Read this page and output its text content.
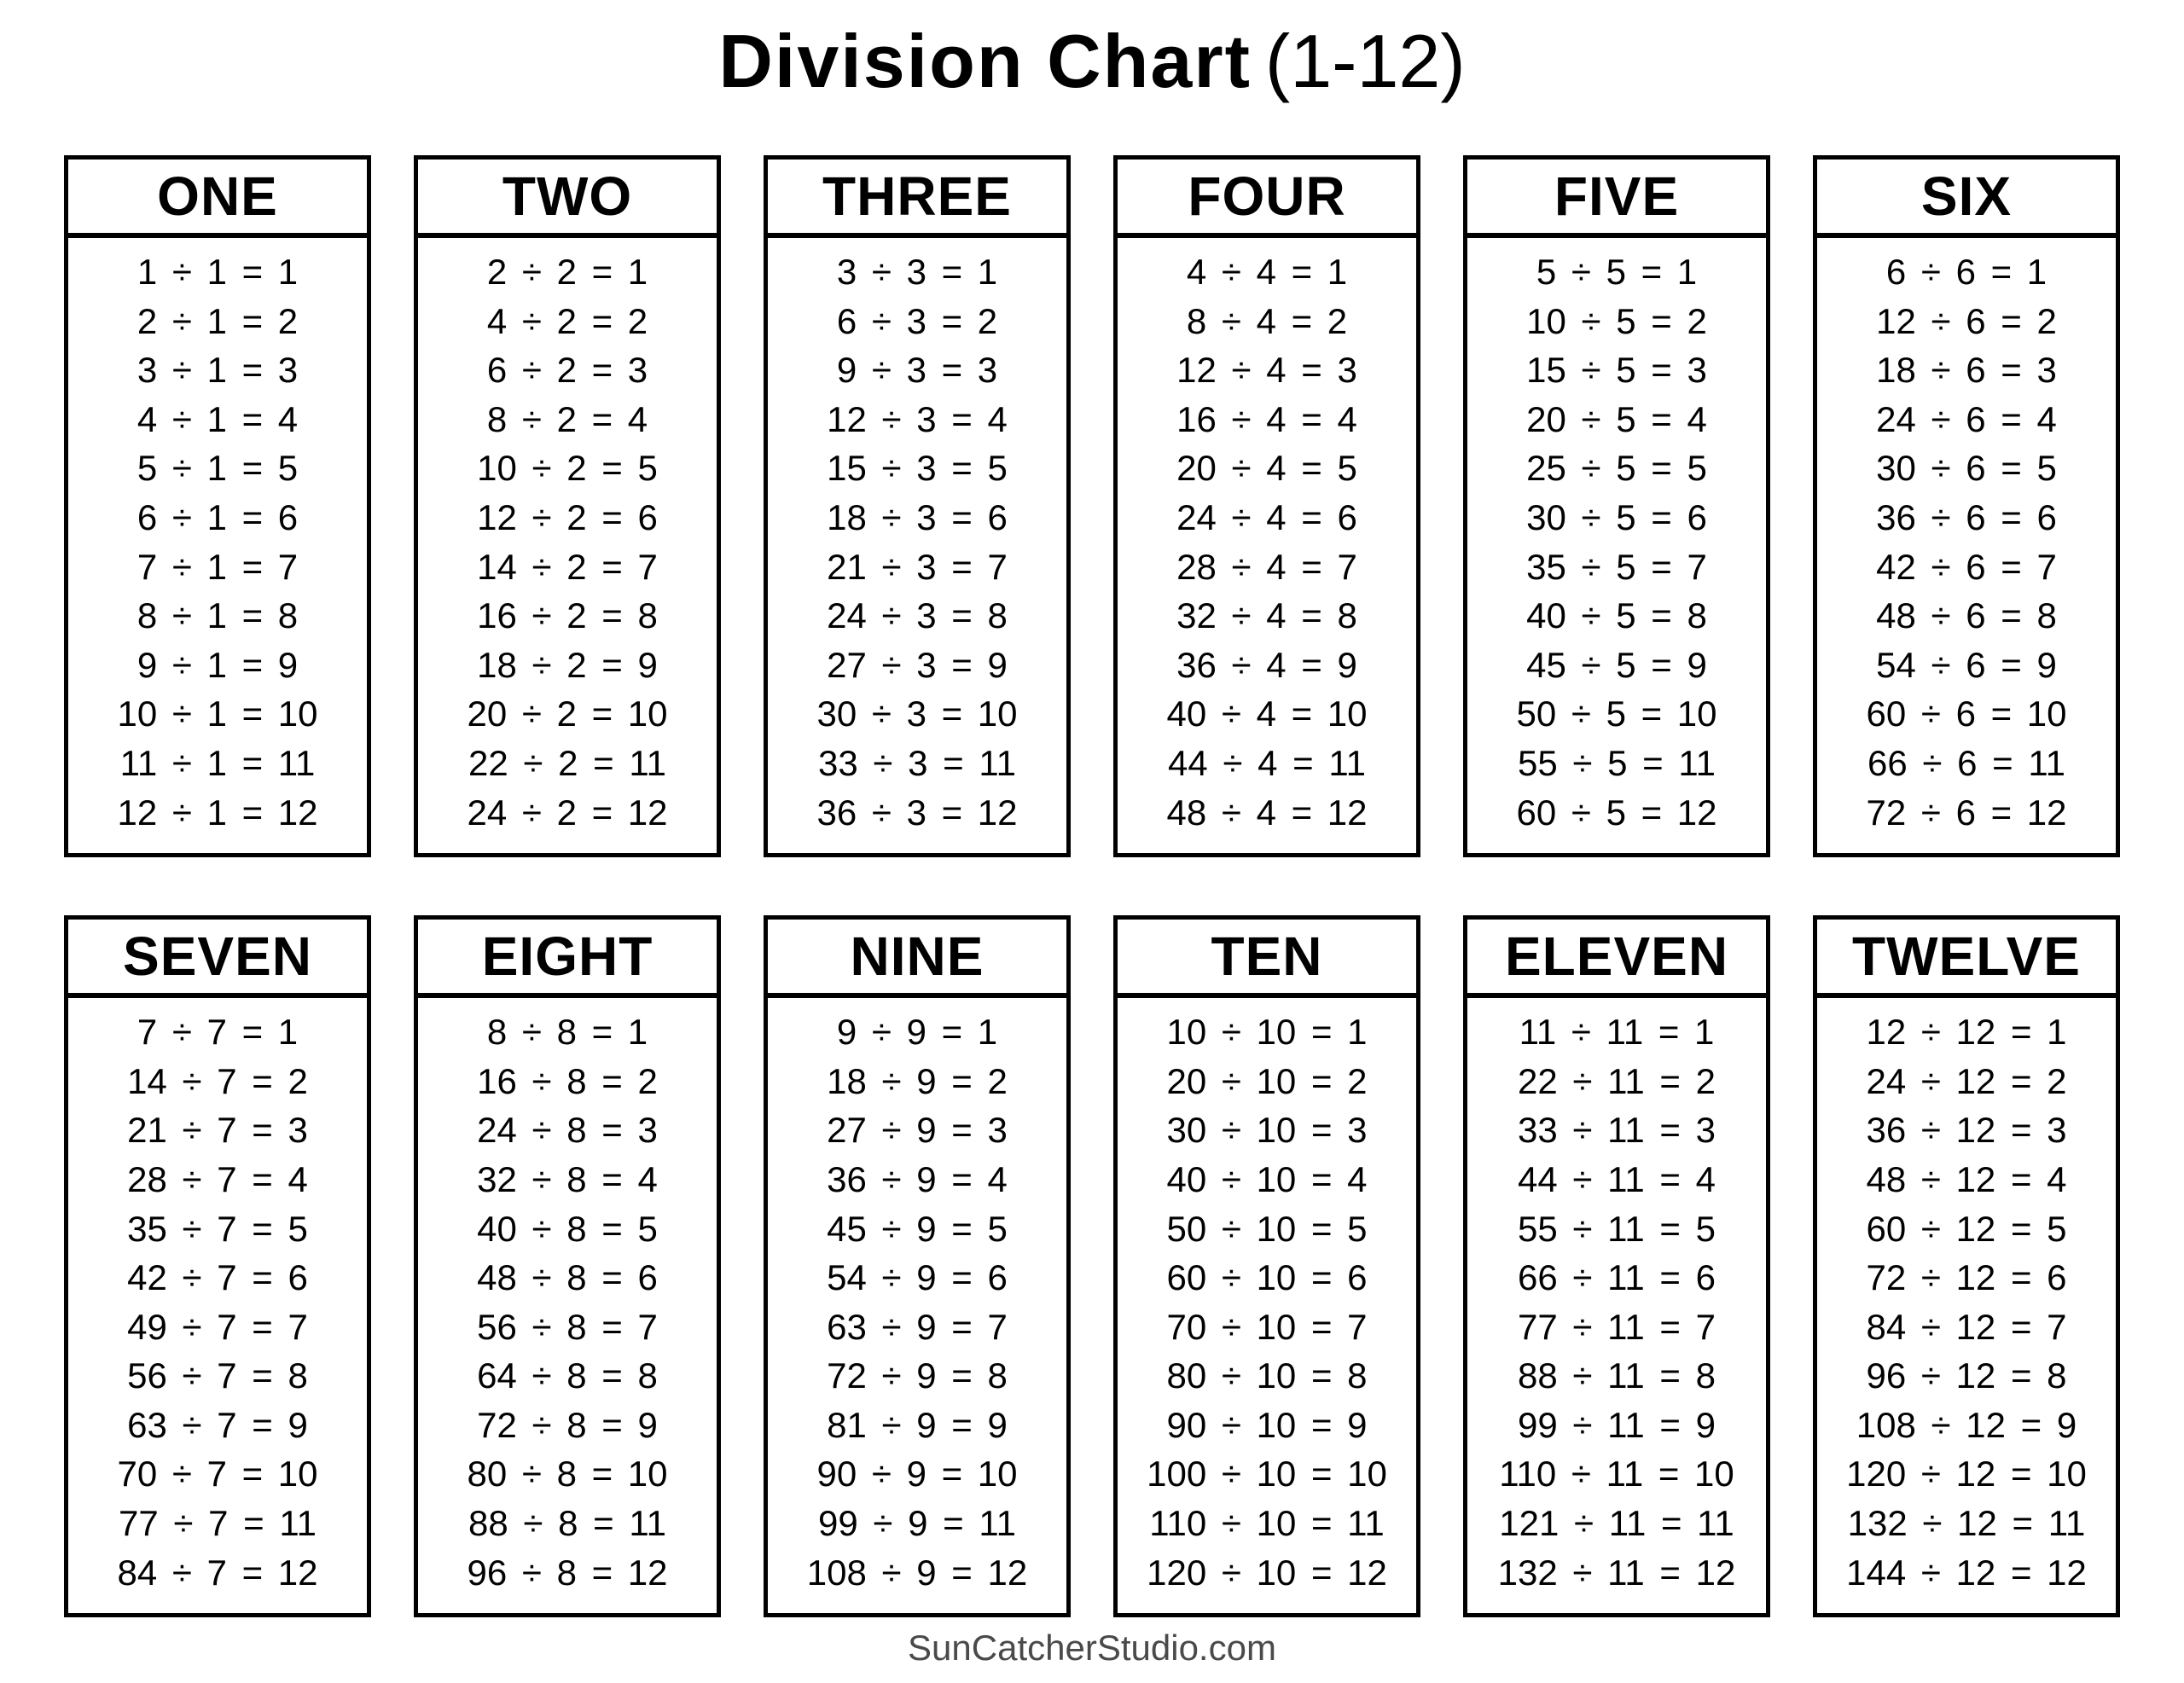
Division Chart (1-12)
ONE
1 ÷ 1 = 1
2 ÷ 1 = 2
3 ÷ 1 = 3
4 ÷ 1 = 4
5 ÷ 1 = 5
6 ÷ 1 = 6
7 ÷ 1 = 7
8 ÷ 1 = 8
9 ÷ 1 = 9
10 ÷ 1 = 10
11 ÷ 1 = 11
12 ÷ 1 = 12
TWO
2 ÷ 2 = 1
4 ÷ 2 = 2
6 ÷ 2 = 3
8 ÷ 2 = 4
10 ÷ 2 = 5
12 ÷ 2 = 6
14 ÷ 2 = 7
16 ÷ 2 = 8
18 ÷ 2 = 9
20 ÷ 2 = 10
22 ÷ 2 = 11
24 ÷ 2 = 12
THREE
3 ÷ 3 = 1
6 ÷ 3 = 2
9 ÷ 3 = 3
12 ÷ 3 = 4
15 ÷ 3 = 5
18 ÷ 3 = 6
21 ÷ 3 = 7
24 ÷ 3 = 8
27 ÷ 3 = 9
30 ÷ 3 = 10
33 ÷ 3 = 11
36 ÷ 3 = 12
FOUR
4 ÷ 4 = 1
8 ÷ 4 = 2
12 ÷ 4 = 3
16 ÷ 4 = 4
20 ÷ 4 = 5
24 ÷ 4 = 6
28 ÷ 4 = 7
32 ÷ 4 = 8
36 ÷ 4 = 9
40 ÷ 4 = 10
44 ÷ 4 = 11
48 ÷ 4 = 12
FIVE
5 ÷ 5 = 1
10 ÷ 5 = 2
15 ÷ 5 = 3
20 ÷ 5 = 4
25 ÷ 5 = 5
30 ÷ 5 = 6
35 ÷ 5 = 7
40 ÷ 5 = 8
45 ÷ 5 = 9
50 ÷ 5 = 10
55 ÷ 5 = 11
60 ÷ 5 = 12
SIX
6 ÷ 6 = 1
12 ÷ 6 = 2
18 ÷ 6 = 3
24 ÷ 6 = 4
30 ÷ 6 = 5
36 ÷ 6 = 6
42 ÷ 6 = 7
48 ÷ 6 = 8
54 ÷ 6 = 9
60 ÷ 6 = 10
66 ÷ 6 = 11
72 ÷ 6 = 12
SEVEN
7 ÷ 7 = 1
14 ÷ 7 = 2
21 ÷ 7 = 3
28 ÷ 7 = 4
35 ÷ 7 = 5
42 ÷ 7 = 6
49 ÷ 7 = 7
56 ÷ 7 = 8
63 ÷ 7 = 9
70 ÷ 7 = 10
77 ÷ 7 = 11
84 ÷ 7 = 12
EIGHT
8 ÷ 8 = 1
16 ÷ 8 = 2
24 ÷ 8 = 3
32 ÷ 8 = 4
40 ÷ 8 = 5
48 ÷ 8 = 6
56 ÷ 8 = 7
64 ÷ 8 = 8
72 ÷ 8 = 9
80 ÷ 8 = 10
88 ÷ 8 = 11
96 ÷ 8 = 12
NINE
9 ÷ 9 = 1
18 ÷ 9 = 2
27 ÷ 9 = 3
36 ÷ 9 = 4
45 ÷ 9 = 5
54 ÷ 9 = 6
63 ÷ 9 = 7
72 ÷ 9 = 8
81 ÷ 9 = 9
90 ÷ 9 = 10
99 ÷ 9 = 11
108 ÷ 9 = 12
TEN
10 ÷ 10 = 1
20 ÷ 10 = 2
30 ÷ 10 = 3
40 ÷ 10 = 4
50 ÷ 10 = 5
60 ÷ 10 = 6
70 ÷ 10 = 7
80 ÷ 10 = 8
90 ÷ 10 = 9
100 ÷ 10 = 10
110 ÷ 10 = 11
120 ÷ 10 = 12
ELEVEN
11 ÷ 11 = 1
22 ÷ 11 = 2
33 ÷ 11 = 3
44 ÷ 11 = 4
55 ÷ 11 = 5
66 ÷ 11 = 6
77 ÷ 11 = 7
88 ÷ 11 = 8
99 ÷ 11 = 9
110 ÷ 11 = 10
121 ÷ 11 = 11
132 ÷ 11 = 12
TWELVE
12 ÷ 12 = 1
24 ÷ 12 = 2
36 ÷ 12 = 3
48 ÷ 12 = 4
60 ÷ 12 = 5
72 ÷ 12 = 6
84 ÷ 12 = 7
96 ÷ 12 = 8
108 ÷ 12 = 9
120 ÷ 12 = 10
132 ÷ 12 = 11
144 ÷ 12 = 12
SunCatcherStudio.com
